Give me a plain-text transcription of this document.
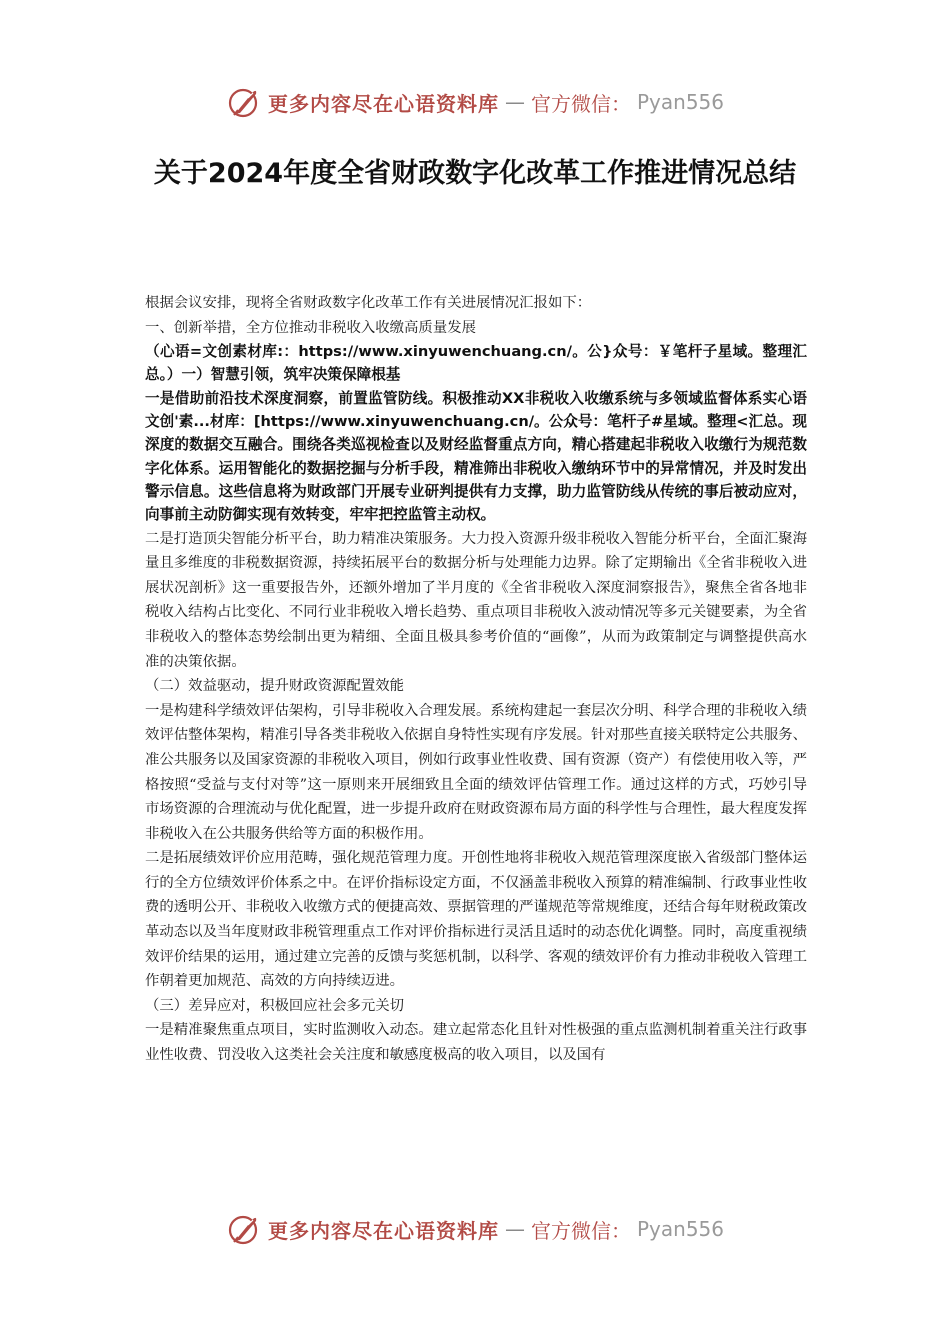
更多内容尽在心语资料库 — 官方微信： Pyan556
关于2024年度全省财政数字化改革工作推进情况总结

根据会议安排，现将全省财政数字化改革工作有关进展情况汇报如下：

一、创新举措，全方位推动非税收入收缴高质量发展

（心语=文创素材库:：https://www.xinyuwenchuang.cn/。公}众号：￥笔杆子星域。整理汇总。）一）智慧引领，筑牢决策保障根基

一是借助前沿技术深度洞察，前置监管防线。积极推动XX非税收入收缴系统与多领域监督体系实心语文创'素...材库：[https://www.xinyuwenchuang.cn/。公众号：笔杆子#星域。整理<汇总。现深度的数据交互融合。围绕各类巡视检查以及财经监督重点方向，精心搭建起非税收入收缴行为规范数字化体系。运用智能化的数据挖掘与分析手段，精准筛出非税收入缴纳环节中的异常情况，并及时发出警示信息。这些信息将为财政部门开展专业研判提供有力支撑，助力监管防线从传统的事后被动应对，向事前主动防御实现有效转变，牢牢把控监管主动权。

二是打造顶尖智能分析平台，助力精准决策服务。大力投入资源升级非税收入智能分析平台，全面汇聚海量且多维度的非税数据资源，持续拓展平台的数据分析与处理能力边界。除了定期输出《全省非税收入进展状况剖析》这一重要报告外，还额外增加了半月度的《全省非税收入深度洞察报告》，聚焦全省各地非税收入结构占比变化、不同行业非税收入增长趋势、重点项目非税收入波动情况等多元关键要素，为全省非税收入的整体态势绘制出更为精细、全面且极具参考价值的“画像”，从而为政策制定与调整提供高水准的决策依据。

（二）效益驱动，提升财政资源配置效能

一是构建科学绩效评估架构，引导非税收入合理发展。系统构建起一套层次分明、科学合理的非税收入绩效评估整体架构，精准引导各类非税收入依据自身特性实现有序发展。针对那些直接关联特定公共服务、准公共服务以及国家资源的非税收入项目，例如行政事业性收费、国有资源（资产）有偿使用收入等，严格按照“受益与支付对等”这一原则来开展细致且全面的绩效评估管理工作。通过这样的方式，巧妙引导市场资源的合理流动与优化配置，进一步提升政府在财政资源布局方面的科学性与合理性，最大程度发挥非税收入在公共服务供给等方面的积极作用。

二是拓展绩效评价应用范畴，强化规范管理力度。开创性地将非税收入规范管理深度嵌入省级部门整体运行的全方位绩效评价体系之中。在评价指标设定方面，不仅涵盖非税收入预算的精准编制、行政事业性收费的透明公开、非税收入收缴方式的便捷高效、票据管理的严谨规范等常规维度，还结合每年财税政策改革动态以及当年度财政非税管理重点工作对评价指标进行灵活且适时的动态优化调整。同时，高度重视绩效评价结果的运用，通过建立完善的反馈与奖惩机制，以科学、客观的绩效评价有力推动非税收入管理工作朝着更加规范、高效的方向持续迈进。

（三）差异应对，积极回应社会多元关切

一是精准聚焦重点项目，实时监测收入动态。建立起常态化且针对性极强的重点监测机制着重关注行政事业性收费、罚没收入这类社会关注度和敏感度极高的收入项目，以及国有

更多内容尽在心语资料库 — 官方微信： Pyan556
